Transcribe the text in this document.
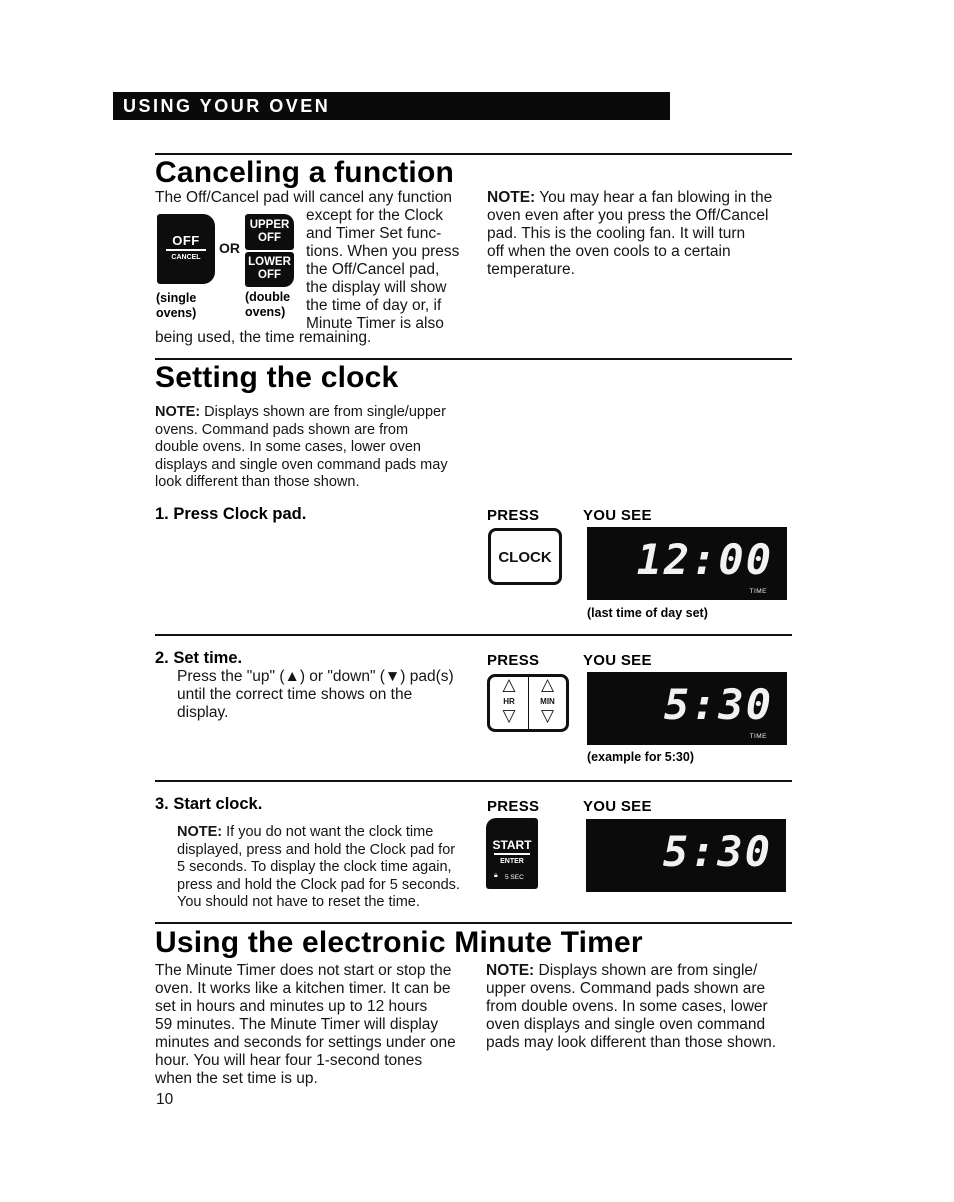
USING YOUR OVEN
Canceling a function
The Off/Cancel pad will cancel any function
OFF
CANCEL
OR
UPPER
OFF
LOWER
OFF
(single
ovens)
(double
ovens)
except for the Clock
and Timer Set func-
tions. When you press
the Off/Cancel pad,
the display will show
the time of day or, if
Minute Timer is also
being used, the time remaining.
NOTE: You may hear a fan blowing in the
oven even after you press the Off/Cancel
pad. This is the cooling fan. It will turn
off when the oven cools to a certain
temperature.
Setting the clock
NOTE: Displays shown are from single/upper
ovens. Command pads shown are from
double ovens. In some cases, lower oven
displays and single oven command pads may
look different than those shown.
1. Press Clock pad.	PRESS	YOU SEE
CLOCK 12:00
TIME
(last time of day set)
2. Set time.
Press the "up" (▲) or "down" (▼) pad(s)
until the correct time shows on the
display.
PRESS	YOU SEE
△
HR
▽
△
MIN
▽	5:30
TIME
(example for 5:30)
3. Start clock.
NOTE: If you do not want the clock time
displayed, press and hold the Clock pad for
5 seconds. To display the clock time again,
press and hold the Clock pad for 5 seconds.
You should not have to reset the time.
PRESS	YOU SEE
START
ENTER
🔒︎ 5 SEC
5:30
Using the electronic Minute Timer
The Minute Timer does not start or stop the
oven. It works like a kitchen timer. It can be
set in hours and minutes up to 12 hours
59 minutes. The Minute Timer will display
minutes and seconds for settings under one
hour. You will hear four 1-second tones
when the set time is up.
NOTE: Displays shown are from single/
upper ovens. Command pads shown are
from double ovens. In some cases, lower
oven displays and single oven command
pads may look different than those shown.
10
